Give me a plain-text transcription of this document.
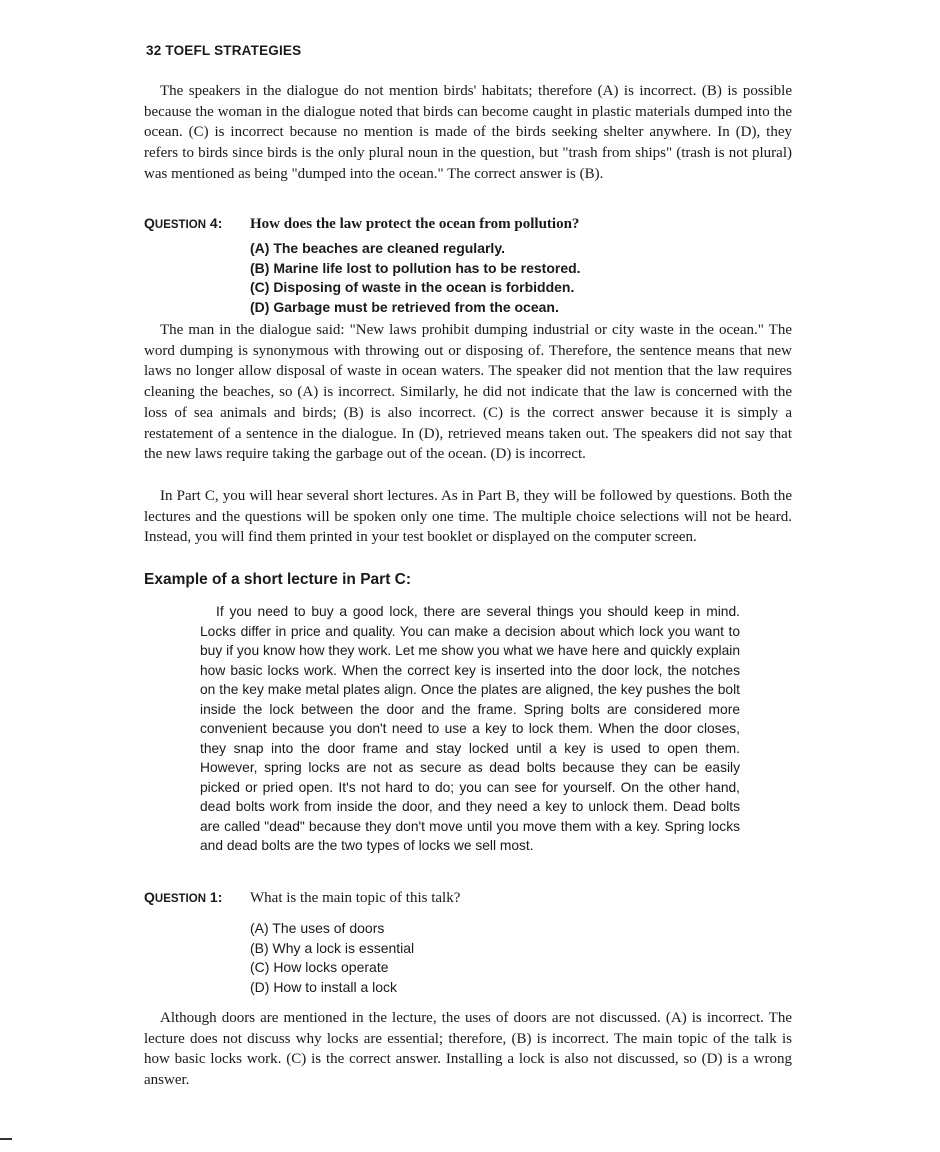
32 TOEFL STRATEGIES

The speakers in the dialogue do not mention birds' habitats; therefore (A) is incorrect. (B) is possible because the woman in the dialogue noted that birds can become caught in plastic materials dumped into the ocean. (C) is incorrect because no mention is made of the birds seeking shelter anywhere. In (D), they refers to birds since birds is the only plural noun in the question, but "trash from ships" (trash is not plural) was mentioned as being "dumped into the ocean." The correct answer is (B).

QUESTION 4: How does the law protect the ocean from pollution?
(A) The beaches are cleaned regularly.
(B) Marine life lost to pollution has to be restored.
(C) Disposing of waste in the ocean is forbidden.
(D) Garbage must be retrieved from the ocean.

The man in the dialogue said: "New laws prohibit dumping industrial or city waste in the ocean." The word dumping is synonymous with throwing out or disposing of. Therefore, the sentence means that new laws no longer allow disposal of waste in ocean waters. The speaker did not mention that the law requires cleaning the beaches, so (A) is incorrect. Similarly, he did not indicate that the law is concerned with the loss of sea animals and birds; (B) is also incorrect. (C) is the correct answer because it is simply a restatement of a sentence in the dialogue. In (D), retrieved means taken out. The speakers did not say that the new laws require taking the garbage out of the ocean. (D) is incorrect.

In Part C, you will hear several short lectures. As in Part B, they will be followed by questions. Both the lectures and the questions will be spoken only one time. The multiple choice selections will not be heard. Instead, you will find them printed in your test booklet or displayed on the computer screen.

Example of a short lecture in Part C:

If you need to buy a good lock, there are several things you should keep in mind. Locks differ in price and quality. You can make a decision about which lock you want to buy if you know how they work. Let me show you what we have here and quickly explain how basic locks work. When the correct key is inserted into the door lock, the notches on the key make metal plates align. Once the plates are aligned, the key pushes the bolt inside the lock between the door and the frame. Spring bolts are considered more convenient because you don't need to use a key to lock them. When the door closes, they snap into the door frame and stay locked until a key is used to open them. However, spring locks are not as secure as dead bolts because they can be easily picked or pried open. It's not hard to do; you can see for yourself. On the other hand, dead bolts work from inside the door, and they need a key to unlock them. Dead bolts are called "dead" because they don't move until you move them with a key. Spring locks and dead bolts are the two types of locks we sell most.

QUESTION 1: What is the main topic of this talk?
(A) The uses of doors
(B) Why a lock is essential
(C) How locks operate
(D) How to install a lock

Although doors are mentioned in the lecture, the uses of doors are not discussed. (A) is incorrect. The lecture does not discuss why locks are essential; therefore, (B) is incorrect. The main topic of the talk is how basic locks work. (C) is the correct answer. Installing a lock is also not discussed, so (D) is a wrong answer.
